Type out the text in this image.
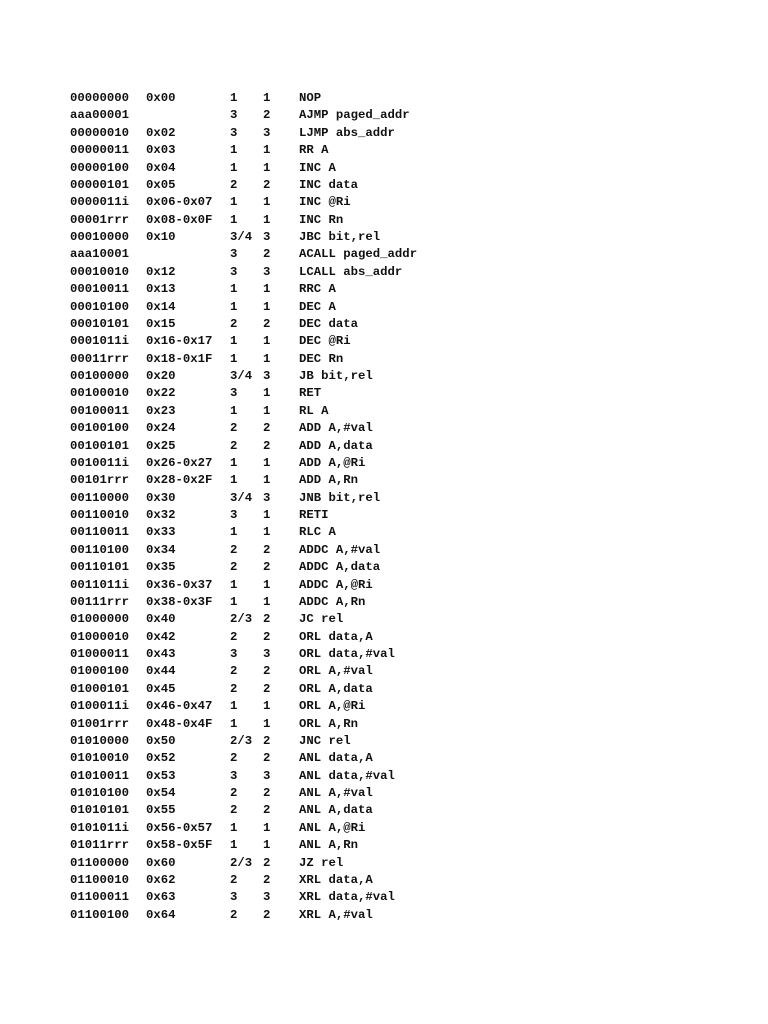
00000000 0x00	1 1 NOP
aaa00001	3 2 AJMP paged_addr
00000010 0x02	3 3 LJMP abs_addr
00000011 0x03	1 1 RR A
00000100 0x04	1 1 INC A
00000101 0x05	2 2 INC data
0000011i 0x06-0x07 1 1 INC @Ri
00001rrr 0x08-0x0F 1 1 INC Rn
00010000 0x10	3/4 3 JBC bit,rel
aaa10001	3 2 ACALL paged_addr
00010010 0x12	3 3 LCALL abs_addr
00010011 0x13	1 1 RRC A
00010100 0x14	1 1 DEC A
00010101 0x15	2 2 DEC data
0001011i 0x16-0x17 1 1 DEC @Ri
00011rrr 0x18-0x1F 1 1 DEC Rn
00100000 0x20	3/4 3 JB bit,rel
00100010 0x22	3 1 RET
00100011 0x23	1 1 RL A
00100100 0x24	2 2 ADD A,#val
00100101 0x25	2 2 ADD A,data
0010011i 0x26-0x27 1 1 ADD A,@Ri
00101rrr 0x28-0x2F 1 1 ADD A,Rn
00110000 0x30	3/4 3 JNB bit,rel
00110010 0x32	3 1 RETI
00110011 0x33	1 1 RLC A
00110100 0x34	2 2 ADDC A,#val
00110101 0x35	2 2 ADDC A,data
0011011i 0x36-0x37 1 1 ADDC A,@Ri
00111rrr 0x38-0x3F 1 1 ADDC A,Rn
01000000 0x40	2/3 2 JC rel
01000010 0x42	2 2 ORL data,A
01000011 0x43	3 3 ORL data,#val
01000100 0x44	2 2 ORL A,#val
01000101 0x45	2 2 ORL A,data
0100011i 0x46-0x47 1 1 ORL A,@Ri
01001rrr 0x48-0x4F 1 1 ORL A,Rn
01010000 0x50	2/3 2 JNC rel
01010010 0x52	2 2 ANL data,A
01010011 0x53	3 3 ANL data,#val
01010100 0x54	2 2 ANL A,#val
01010101 0x55	2 2 ANL A,data
0101011i 0x56-0x57 1 1 ANL A,@Ri
01011rrr 0x58-0x5F 1 1 ANL A,Rn
01100000 0x60	2/3 2 JZ rel
01100010 0x62	2 2 XRL data,A
01100011 0x63	3 3 XRL data,#val
01100100 0x64	2 2 XRL A,#val
